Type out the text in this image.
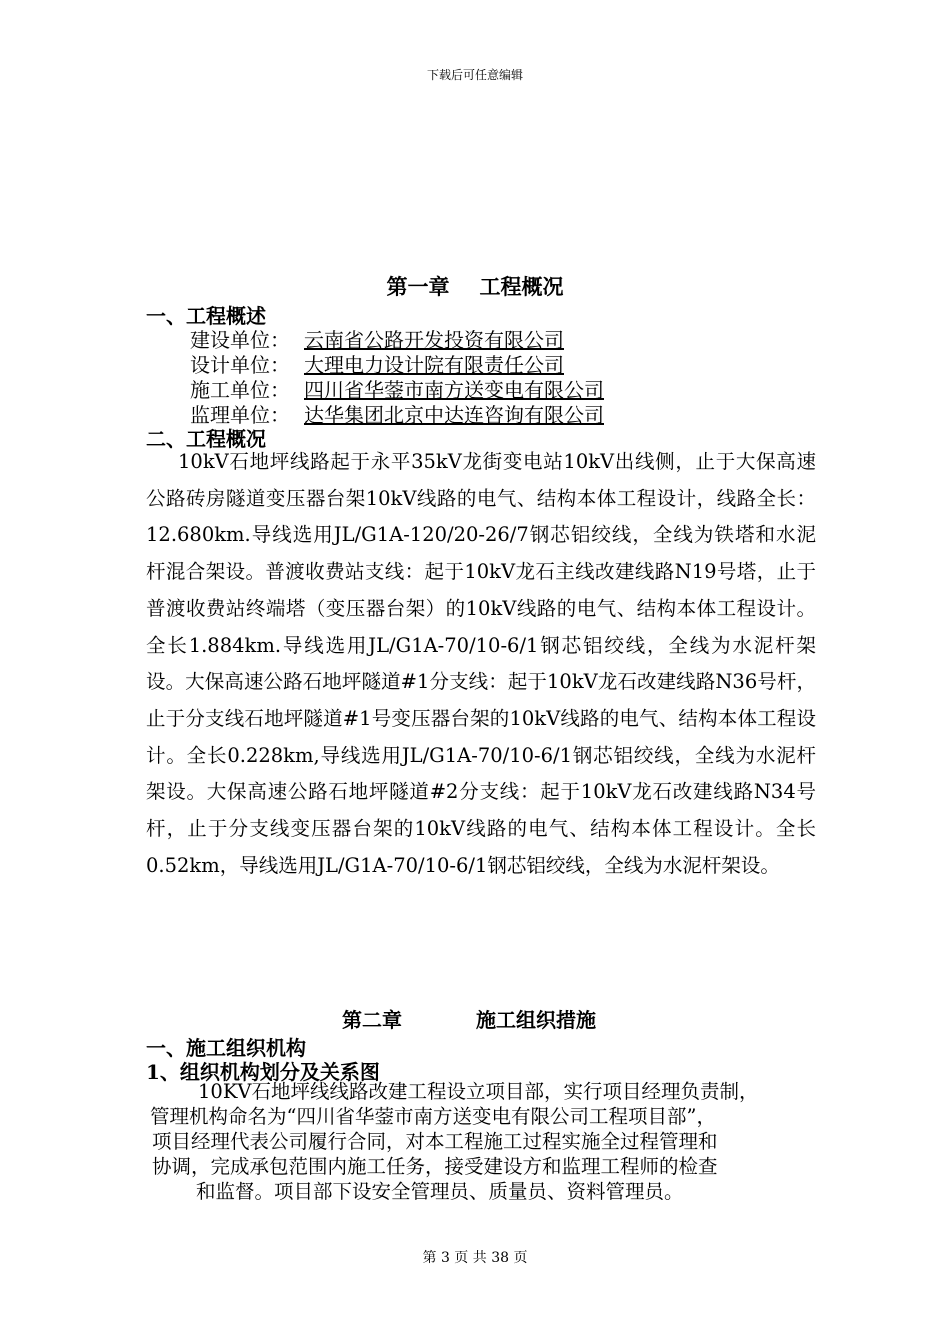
下载后可任意编辑
第一章 工程概况
一、工程概述
建设单位： 云南省公路开发投资有限公司
设计单位： 大理电力设计院有限责任公司
施工单位： 四川省华蓥市南方送变电有限公司
监理单位： 达华集团北京中达连咨询有限公司
二、工程概况
10kV石地坪线路起于永平35kV龙街变电站10kV出线侧，止于大保高速公路砖房隧道变压器台架10kV线路的电气、结构本体工程设计，线路全长：12.680km.导线选用JL/G1A-120/20-26/7钢芯铝绞线，全线为铁塔和水泥杆混合架设。普渡收费站支线：起于10kV龙石主线改建线路N19号塔，止于普渡收费站终端塔（变压器台架）的10kV线路的电气、结构本体工程设计。全长1.884km.导线选用JL/G1A-70/10-6/1钢芯铝绞线，全线为水泥杆架设。大保高速公路石地坪隧道#1分支线：起于10kV龙石改建线路N36号杆，止于分支线石地坪隧道#1号变压器台架的10kV线路的电气、结构本体工程设计。全长0.228km,导线选用JL/G1A-70/10-6/1钢芯铝绞线，全线为水泥杆架设。大保高速公路石地坪隧道#2分支线：起于10kV龙石改建线路N34号杆，止于分支线变压器台架的10kV线路的电气、结构本体工程设计。全长0.52km，导线选用JL/G1A-70/10-6/1钢芯铝绞线，全线为水泥杆架设。
第二章	施工组织措施
一、施工组织机构
1、组织机构划分及关系图
10KV石地坪线线路改建工程设立项目部，实行项目经理负责制，
管理机构命名为“四川省华蓥市南方送变电有限公司工程项目部”，
项目经理代表公司履行合同，对本工程施工过程实施全过程管理和
协调，完成承包范围内施工任务，接受建设方和监理工程师的检查
和监督。项目部下设安全管理员、质量员、资料管理员。
第 3 页 共 38 页
